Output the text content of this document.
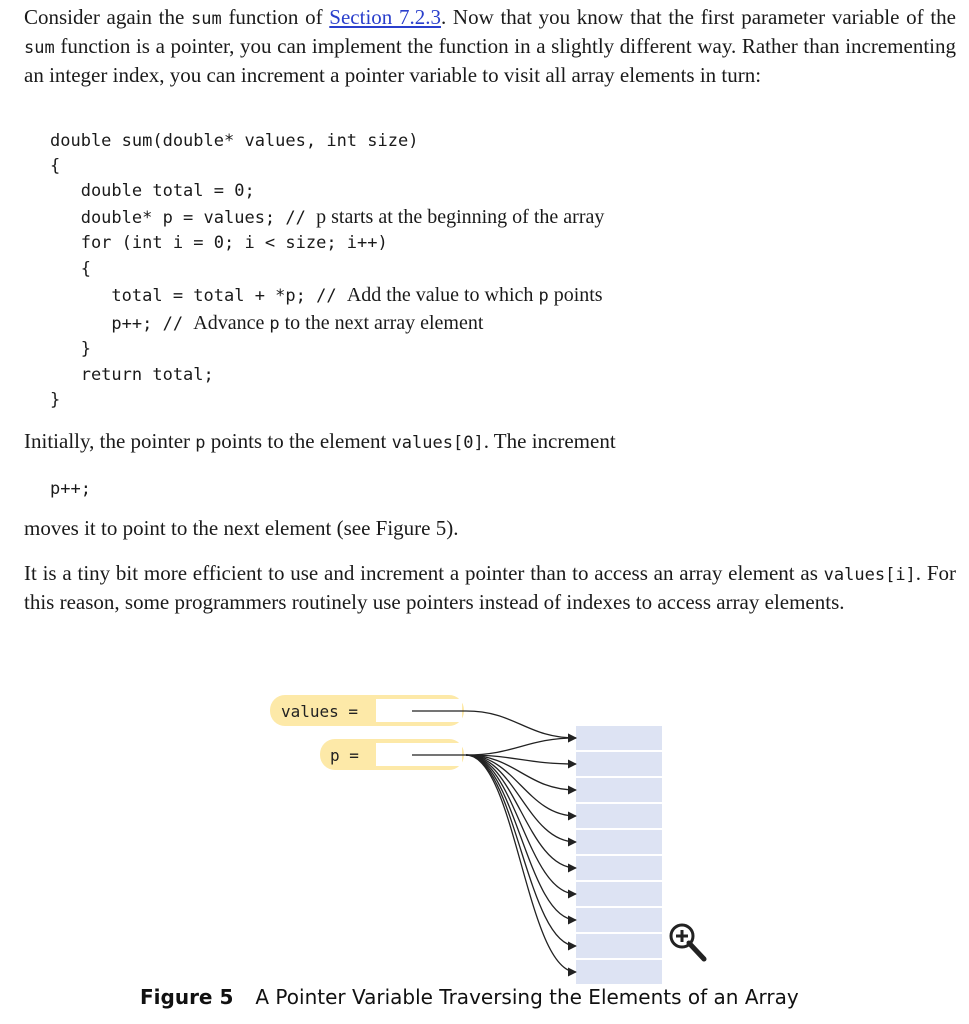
Consider again the sum function of Section 7.2.3. Now that you know that the first parameter variable of the sum function is a pointer, you can implement the function in a slightly different way. Rather than incrementing an integer index, you can increment a pointer variable to visit all array elements in turn:

double sum(double* values, int size)
{
double total = 0;
double* p = values; // p starts at the beginning of the array
for (int i = 0; i < size; i++)
{
total = total + *p; // Add the value to which p points
p++; // Advance p to the next array element
}
return total;
}

Initially, the pointer p points to the element values[0]. The increment

p++;

moves it to point to the next element (see Figure 5).

It is a tiny bit more efficient to use and increment a pointer than to access an array element as values[i]. For this reason, some programmers routinely use pointers instead of indexes to access array elements.

values =
p =
Figure 5 A Pointer Variable Traversing the Elements of an Array
